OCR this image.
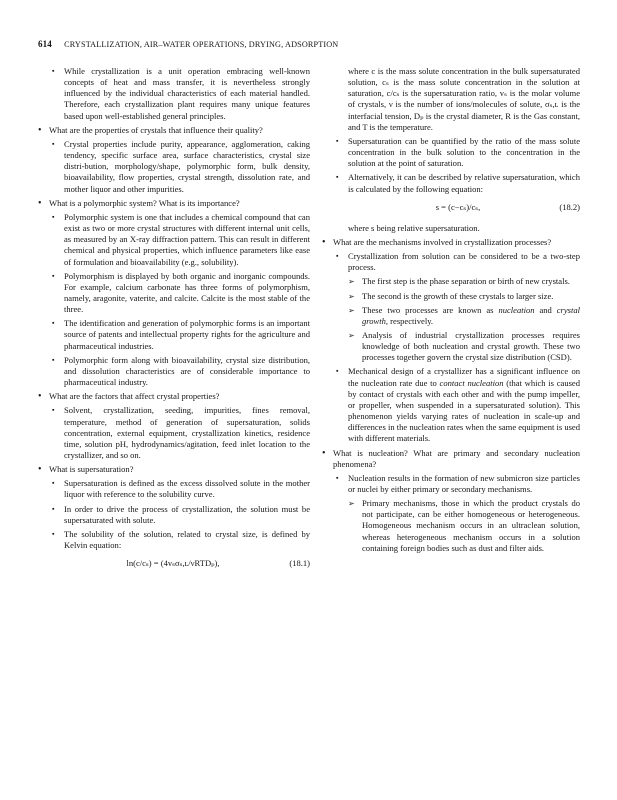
614 CRYSTALLIZATION, AIR–WATER OPERATIONS, DRYING, ADSORPTION

▪ While crystallization is a unit operation embracing well-known concepts of heat and mass transfer, it is nevertheless strongly influenced by the individual characteristics of each material handled. Therefore, each crystallization plant requires many unique features based upon well-established general principles.

• What are the properties of crystals that influence their quality?

▪ Crystal properties include purity, appearance, agglomeration, caking tendency, specific surface area, surface characteristics, crystal size distri-bution, morphology/shape, polymorphic form, bulk density, bioavailability, flow properties, crystal strength, dissolution rate, and mother liquor and other impurities.

• What is a polymorphic system? What is its importance?

▪ Polymorphic system is one that includes a chemical compound that can exist as two or more crystal structures with different internal unit cells, as measured by an X-ray diffraction pattern. This can result in different chemical and physical properties, which influence parameters like ease of formulation and bioavailability (e.g., solubility).

▪ Polymorphism is displayed by both organic and inorganic compounds. For example, calcium carbonate has three forms of polymorphism, namely, aragonite, vaterite, and calcite. Calcite is the most stable of the three.

▪ The identification and generation of polymorphic forms is an important source of patents and intellectual property rights for the agriculture and pharmaceutical industries.

▪ Polymorphic form along with bioavailability, crystal size distribution, and dissolution characteristics are of considerable importance to pharmaceutical industry.

• What are the factors that affect crystal properties?

▪ Solvent, crystallization, seeding, impurities, fines removal, temperature, method of generation of supersaturation, solids concentration, external equipment, crystallization kinetics, residence time, solution pH, hydrodynamics/agitation, feed inlet location to the crystallizer, and so on.

• What is supersaturation?

▪ Supersaturation is defined as the excess dissolved solute in the mother liquor with reference to the solubility curve.

▪ In order to drive the process of crystallization, the solution must be supersaturated with solute.

▪ The solubility of the solution, related to crystal size, is defined by Kelvin equation:

ln(c/cₛ) = (4vₛσₛ,ʟ/νRTDₚ),	(18.1)

where c is the mass solute concentration in the bulk supersaturated solution, cₛ is the mass solute concentration in the solution at saturation, c/cₛ is the supersaturation ratio, vₛ is the molar volume of crystals, ν is the number of ions/molecules of solute, σₛ,ʟ is the interfacial tension, Dₚ is the crystal diameter, R is the Gas constant, and T is the temperature.

▪ Supersaturation can be quantified by the ratio of the mass solute concentration in the bulk solution to the concentration in the solution at the point of saturation.

▪ Alternatively, it can be described by relative supersaturation, which is calculated by the following equation:

s = (c−cₛ)/cₛ,	(18.2)

where s being relative supersaturation.

• What are the mechanisms involved in crystallization processes?

▪ Crystallization from solution can be considered to be a two-step process.

➢ The first step is the phase separation or birth of new crystals.

➢ The second is the growth of these crystals to larger size.

➢ These two processes are known as nucleation and crystal growth, respectively.

➢ Analysis of industrial crystallization processes requires knowledge of both nucleation and crystal growth. These two processes together govern the crystal size distribution (CSD).

▪ Mechanical design of a crystallizer has a significant influence on the nucleation rate due to contact nucleation (that which is caused by contact of crystals with each other and with the pump impeller, or propeller, when suspended in a supersaturated solution). This phenomenon yields varying rates of nucleation in scale-up and differences in the nucleation rates when the same equipment is used with different materials.

• What is nucleation? What are primary and secondary nucleation phenomena?

▪ Nucleation results in the formation of new submicron size particles or nuclei by either primary or secondary mechanisms.

➢ Primary mechanisms, those in which the product crystals do not participate, can be either homogeneous or heterogeneous. Homogeneous mechanism occurs in an ultraclean solution, whereas heterogeneous mechanism occurs in a solution containing foreign bodies such as dust and filter aids.
